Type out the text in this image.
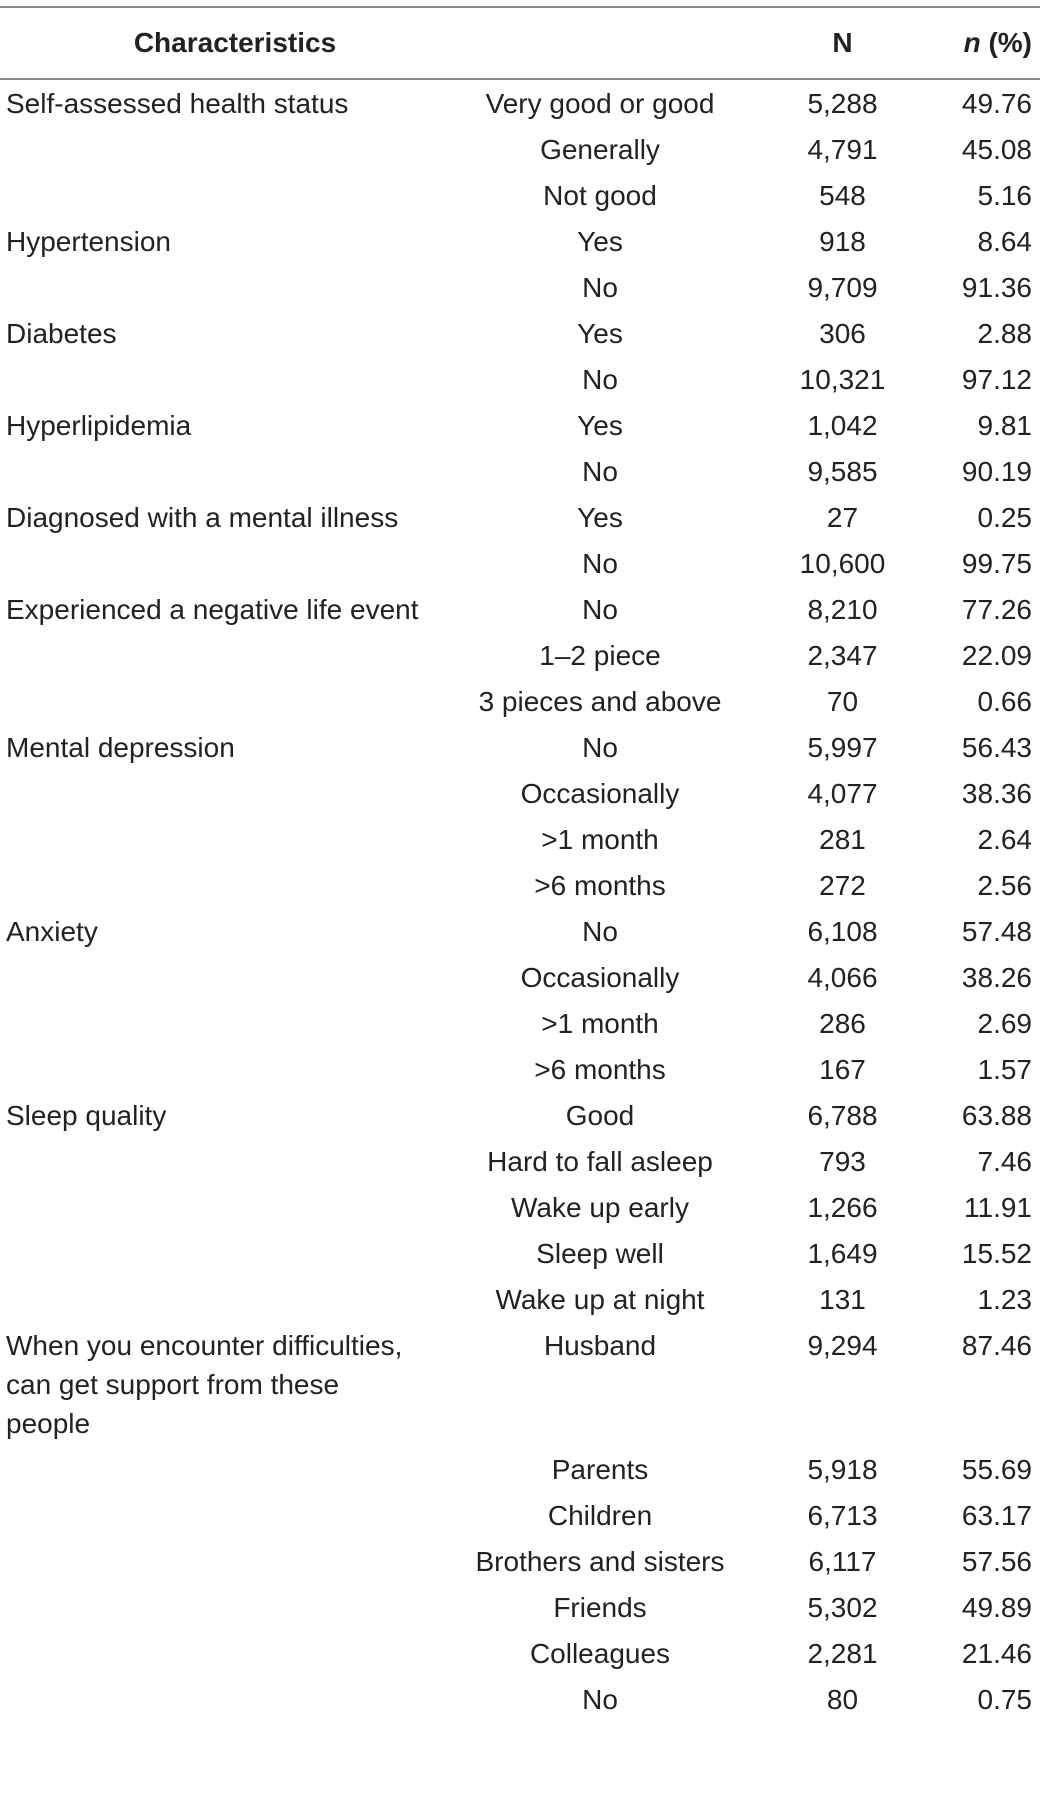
Characteristics		N	n (%)
Self-assessed health status	Very good or good	5,288	49.76
	Generally	4,791	45.08
	Not good	548	5.16
Hypertension	Yes	918	8.64
	No	9,709	91.36
Diabetes	Yes	306	2.88
	No	10,321	97.12
Hyperlipidemia	Yes	1,042	9.81
	No	9,585	90.19
Diagnosed with a mental illness	Yes	27	0.25
	No	10,600	99.75
Experienced a negative life event	No	8,210	77.26
	1–2 piece	2,347	22.09
	3 pieces and above	70	0.66
Mental depression	No	5,997	56.43
	Occasionally	4,077	38.36
	>1 month	281	2.64
	>6 months	272	2.56
Anxiety	No	6,108	57.48
	Occasionally	4,066	38.26
	>1 month	286	2.69
	>6 months	167	1.57
Sleep quality	Good	6,788	63.88
	Hard to fall asleep	793	7.46
	Wake up early	1,266	11.91
	Sleep well	1,649	15.52
	Wake up at night	131	1.23
When you encounter difficulties, can get support from these people	Husband	9,294	87.46
	Parents	5,918	55.69
	Children	6,713	63.17
	Brothers and sisters	6,117	57.56
	Friends	5,302	49.89
	Colleagues	2,281	21.46
	No	80	0.75
